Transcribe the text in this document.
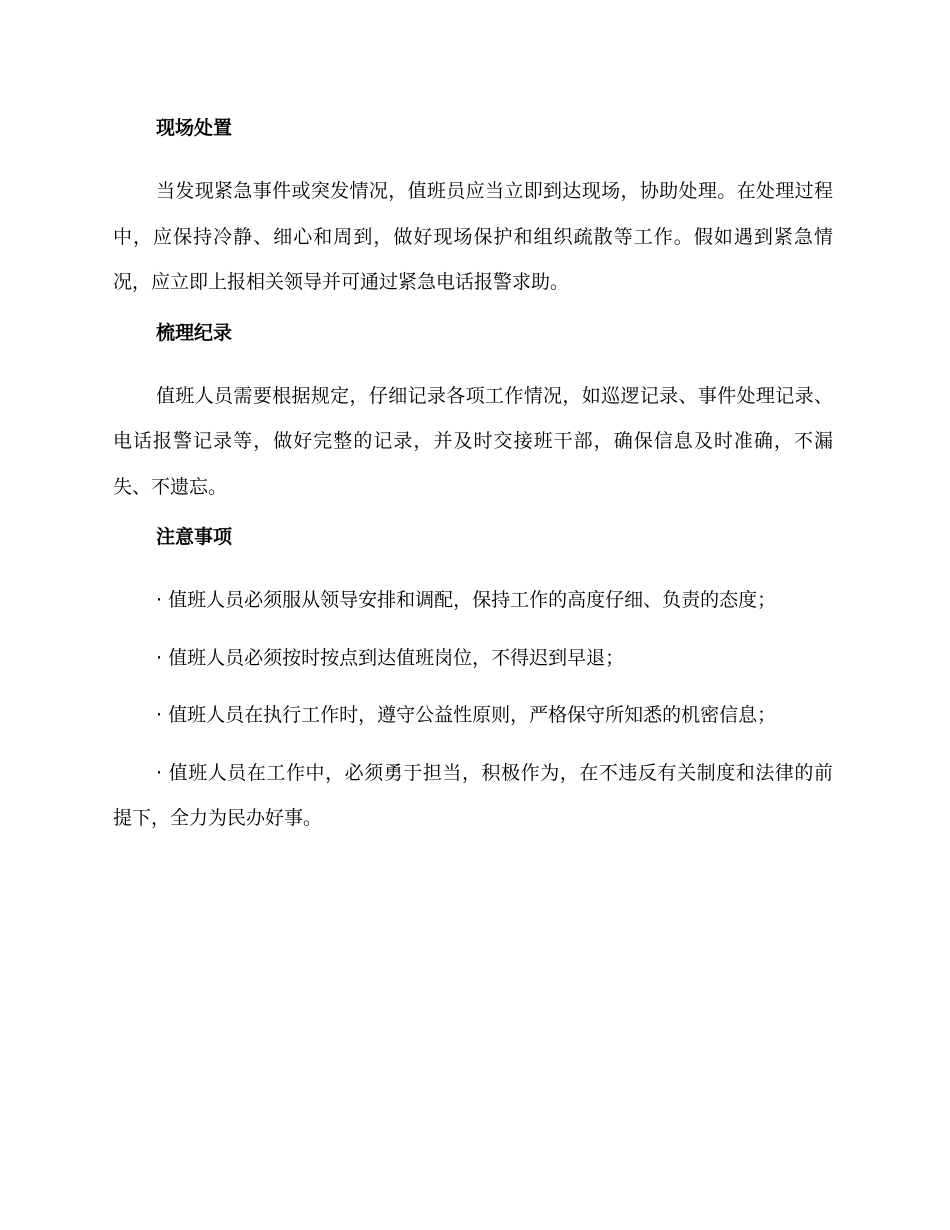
现场处置

当发现紧急事件或突发情况，值班员应当立即到达现场，协助处理。在处理过程中，应保持冷静、细心和周到，做好现场保护和组织疏散等工作。假如遇到紧急情况，应立即上报相关领导并可通过紧急电话报警求助。

梳理纪录

值班人员需要根据规定，仔细记录各项工作情况，如巡逻记录、事件处理记录、电话报警记录等，做好完整的记录，并及时交接班干部，确保信息及时准确，不漏失、不遗忘。

注意事项

· 值班人员必须服从领导安排和调配，保持工作的高度仔细、负责的态度；

· 值班人员必须按时按点到达值班岗位，不得迟到早退；

· 值班人员在执行工作时，遵守公益性原则，严格保守所知悉的机密信息；

· 值班人员在工作中，必须勇于担当，积极作为，在不违反有关制度和法律的前提下，全力为民办好事。
